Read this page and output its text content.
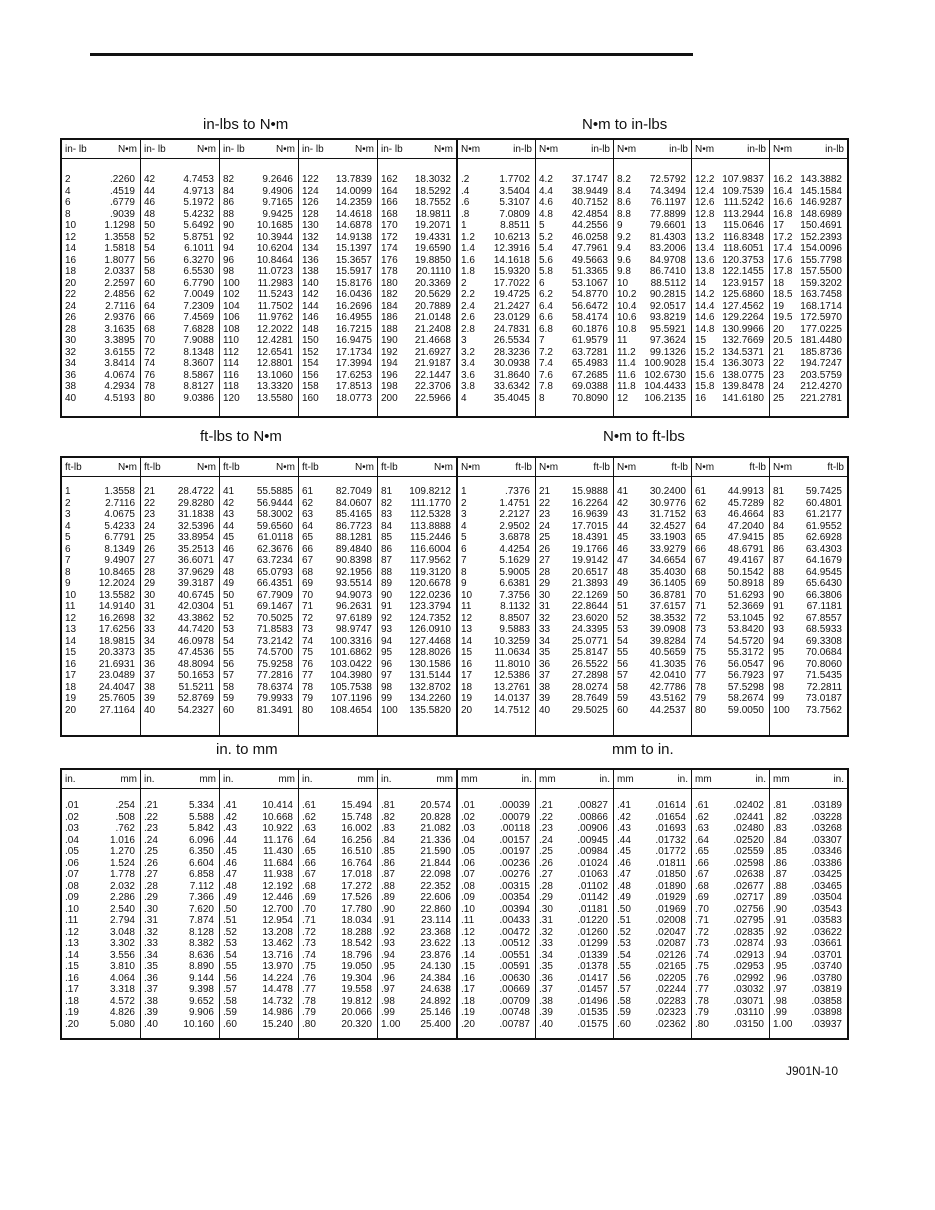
in-lbs to N•m	N•m to in-lbs
in- lb	N•m
2	.2260
4	.4519
6	.6779
8	.9039
10	1.1298
12	1.3558
14	1.5818
16	1.8077
18	2.0337
20	2.2597
22	2.4856
24	2.7116
26	2.9376
28	3.1635
30	3.3895
32	3.6155
34	3.8414
36	4.0674
38	4.2934
40	4.5193
in- lb	N•m
42	4.7453
44	4.9713
46	5.1972
48	5.4232
50	5.6492
52	5.8751
54	6.1011
56	6.3270
58	6.5530
60	6.7790
62	7.0049
64	7.2309
66	7.4569
68	7.6828
70	7.9088
72	8.1348
74	8.3607
76	8.5867
78	8.8127
80	9.0386
in- lb	N•m
82	9.2646
84	9.4906
86	9.7165
88	9.9425
90	10.1685
92	10.3944
94	10.6204
96	10.8464
98	11.0723
100	11.2983
102	11.5243
104	11.7502
106	11.9762
108	12.2022
110	12.4281
112	12.6541
114	12.8801
116	13.1060
118	13.3320
120	13.5580
in- lb	N•m
122	13.7839
124	14.0099
126	14.2359
128	14.4618
130	14.6878
132	14.9138
134	15.1397
136	15.3657
138	15.5917
140	15.8176
142	16.0436
144	16.2696
146	16.4955
148	16.7215
150	16.9475
152	17.1734
154	17.3994
156	17.6253
158	17.8513
160	18.0773
in- lb	N•m
162	18.3032
164	18.5292
166	18.7552
168	18.9811
170	19.2071
172	19.4331
174	19.6590
176	19.8850
178	20.1110
180	20.3369
182	20.5629
184	20.7889
186	21.0148
188	21.2408
190	21.4668
192	21.6927
194	21.9187
196	22.1447
198	22.3706
200	22.5966
N•m	in-lb
.2	1.7702
.4	3.5404
.6	5.3107
.8	7.0809
1	8.8511
1.2	10.6213
1.4	12.3916
1.6	14.1618
1.8	15.9320
2	17.7022
2.2	19.4725
2.4	21.2427
2.6	23.0129
2.8	24.7831
3	26.5534
3.2	28.3236
3.4	30.0938
3.6	31.8640
3.8	33.6342
4	35.4045
N•m	in-lb
4.2	37.1747
4.4	38.9449
4.6	40.7152
4.8	42.4854
5	44.2556
5.2	46.0258
5.4	47.7961
5.6	49.5663
5.8	51.3365
6	53.1067
6.2	54.8770
6.4	56.6472
6.6	58.4174
6.8	60.1876
7	61.9579
7.2	63.7281
7.4	65.4983
7.6	67.2685
7.8	69.0388
8	70.8090
N•m	in-lb
8.2	72.5792
8.4	74.3494
8.6	76.1197
8.8	77.8899
9	79.6601
9.2	81.4303
9.4	83.2006
9.6	84.9708
9.8	86.7410
10	88.5112
10.2	90.2815
10.4	92.0517
10.6	93.8219
10.8	95.5921
11	97.3624
11.2	99.1326
11.4 100.9028
11.6 102.6730
11.8 104.4433
12	106.2135
N•m	in-lb
12.2 107.9837
12.4 109.7539
12.6 111.5242
12.8 113.2944
13	115.0646
13.2 116.8348
13.4 118.6051
13.6 120.3753
13.8 122.1455
14	123.9157
14.2 125.6860
14.4 127.4562
14.6 129.2264
14.8 130.9966
15	132.7669
15.2 134.5371
15.4 136.3073
15.6 138.0775
15.8 139.8478
16	141.6180
N•m	in-lb
16.2 143.3882
16.4 145.1584
16.6 146.9287
16.8 148.6989
17	150.4691
17.2 152.2393
17.4 154.0096
17.6 155.7798
17.8 157.5500
18	159.3202
18.5 163.7458
19	168.1714
19.5 172.5970
20	177.0225
20.5 181.4480
21	185.8736
22	194.7247
23	203.5759
24	212.4270
25	221.2781
ft-lbs to N•m	N•m to ft-lbs
ft-lb	N•m
1	1.3558
2	2.7116
3	4.0675
4	5.4233
5	6.7791
6	8.1349
7	9.4907
8	10.8465
9	12.2024
10	13.5582
11	14.9140
12	16.2698
13	17.6256
14	18.9815
15	20.3373
16	21.6931
17	23.0489
18	24.4047
19	25.7605
20	27.1164
ft-lb	N•m
21	28.4722
22	29.8280
23	31.1838
24	32.5396
25	33.8954
26	35.2513
27	36.6071
28	37.9629
29	39.3187
30	40.6745
31	42.0304
32	43.3862
33	44.7420
34	46.0978
35	47.4536
36	48.8094
37	50.1653
38	51.5211
39	52.8769
40	54.2327
ft-lb	N•m
41	55.5885
42	56.9444
43	58.3002
44	59.6560
45	61.0118
46	62.3676
47	63.7234
48	65.0793
49	66.4351
50	67.7909
51	69.1467
52	70.5025
53	71.8583
54	73.2142
55	74.5700
56	75.9258
57	77.2816
58	78.6374
59	79.9933
60	81.3491
ft-lb	N•m
61	82.7049
62	84.0607
63	85.4165
64	86.7723
65	88.1281
66	89.4840
67	90.8398
68	92.1956
69	93.5514
70	94.9073
71	96.2631
72	97.6189
73	98.9747
74	100.3316
75	101.6862
76	103.0422
77	104.3980
78	105.7538
79	107.1196
80	108.4654
ft-lb	N•m
81	109.8212
82	111.1770
83	112.5328
84	113.8888
85	115.2446
86	116.6004
87	117.9562
88	119.3120
89	120.6678
90	122.0236
91	123.3794
92	124.7352
93	126.0910
94	127.4468
95	128.8026
96	130.1586
97	131.5144
98	132.8702
99	134.2260
100	135.5820
N•m	ft-lb
1	.7376
2	1.4751
3	2.2127
4	2.9502
5	3.6878
6	4.4254
7	5.1629
8	5.9005
9	6.6381
10	7.3756
11	8.1132
12	8.8507
13	9.5883
14	10.3259
15	11.0634
16	11.8010
17	12.5386
18	13.2761
19	14.0137
20	14.7512
N•m	ft-lb
21	15.9888
22	16.2264
23	16.9639
24	17.7015
25	18.4391
26	19.1766
27	19.9142
28	20.6517
29	21.3893
30	22.1269
31	22.8644
32	23.6020
33	24.3395
34	25.0771
35	25.8147
36	26.5522
37	27.2898
38	28.0274
39	28.7649
40	29.5025
N•m	ft-lb
41	30.2400
42	30.9776
43	31.7152
44	32.4527
45	33.1903
46	33.9279
47	34.6654
48	35.4030
49	36.1405
50	36.8781
51	37.6157
52	38.3532
53	39.0908
54	39.8284
55	40.5659
56	41.3035
57	42.0410
58	42.7786
59	43.5162
60	44.2537
N•m	ft-lb
61	44.9913
62	45.7289
63	46.4664
64	47.2040
65	47.9415
66	48.6791
67	49.4167
68	50.1542
69	50.8918
70	51.6293
71	52.3669
72	53.1045
73	53.8420
74	54.5720
75	55.3172
76	56.0547
77	56.7923
78	57.5298
79	58.2674
80	59.0050
N•m	ft-lb
81	59.7425
82	60.4801
83	61.2177
84	61.9552
85	62.6928
86	63.4303
87	64.1679
88	64.9545
89	65.6430
90	66.3806
91	67.1181
92	67.8557
93	68.5933
94	69.3308
95	70.0684
96	70.8060
97	71.5435
98	72.2811
99	73.0187
100	73.7562
in. to mm	mm to in.
in.	mm
.01	.254
.02	.508
.03	.762
.04	1.016
.05	1.270
.06	1.524
.07	1.778
.08	2.032
.09	2.286
.10	2.540
.11	2.794
.12	3.048
.13	3.302
.14	3.556
.15	3.810
.16	4.064
.17	3.318
.18	4.572
.19	4.826
.20	5.080
in.	mm
.21	5.334
.22	5.588
.23	5.842
.24	6.096
.25	6.350
.26	6.604
.27	6.858
.28	7.112
.29	7.366
.30	7.620
.31	7.874
.32	8.128
.33	8.382
.34	8.636
.35	8.890
.36	9.144
.37	9.398
.38	9.652
.39	9.906
.40	10.160
in.	mm
.41	10.414
.42	10.668
.43	10.922
.44	11.176
.45	11.430
.46	11.684
.47	11.938
.48	12.192
.49	12.446
.50	12.700
.51	12.954
.52	13.208
.53	13.462
.54	13.716
.55	13.970
.56	14.224
.57	14.478
.58	14.732
.59	14.986
.60	15.240
in.	mm
.61	15.494
.62	15.748
.63	16.002
.64	16.256
.65	16.510
.66	16.764
.67	17.018
.68	17.272
.69	17.526
.70	17.780
.71	18.034
.72	18.288
.73	18.542
.74	18.796
.75	19.050
.76	19.304
.77	19.558
.78	19.812
.79	20.066
.80	20.320
in.	mm
.81	20.574
.82	20.828
.83	21.082
.84	21.336
.85	21.590
.86	21.844
.87	22.098
.88	22.352
.89	22.606
.90	22.860
.91	23.114
.92	23.368
.93	23.622
.94	23.876
.95	24.130
.96	24.384
.97	24.638
.98	24.892
.99	25.146
1.00	25.400
mm	in.
.01	.00039
.02	.00079
.03	.00118
.04	.00157
.05	.00197
.06	.00236
.07	.00276
.08	.00315
.09	.00354
.10	.00394
.11	.00433
.12	.00472
.13	.00512
.14	.00551
.15	.00591
.16	.00630
.17	.00669
.18	.00709
.19	.00748
.20	.00787
mm	in.
.21	.00827
.22	.00866
.23	.00906
.24	.00945
.25	.00984
.26	.01024
.27	.01063
.28	.01102
.29	.01142
.30	.01181
.31	.01220
.32	.01260
.33	.01299
.34	.01339
.35	.01378
.36	.01417
.37	.01457
.38	.01496
.39	.01535
.40	.01575
mm	in.
.41	.01614
.42	.01654
.43	.01693
.44	.01732
.45	.01772
.46	.01811
.47	.01850
.48	.01890
.49	.01929
.50	.01969
.51	.02008
.52	.02047
.53	.02087
.54	.02126
.55	.02165
.56	.02205
.57	.02244
.58	.02283
.59	.02323
.60	.02362
mm	in.
.61	.02402
.62	.02441
.63	.02480
.64	.02520
.65	.02559
.66	.02598
.67	.02638
.68	.02677
.69	.02717
.70	.02756
.71	.02795
.72	.02835
.73	.02874
.74	.02913
.75	.02953
.76	.02992
.77	.03032
.78	.03071
.79	.03110
.80	.03150
mm	in.
.81	.03189
.82	.03228
.83	.03268
.84	.03307
.85	.03346
.86	.03386
.87	.03425
.88	.03465
.89	.03504
.90	.03543
.91	.03583
.92	.03622
.93	.03661
.94	.03701
.95	.03740
.96	.03780
.97	.03819
.98	.03858
.99	.03898
1.00	.03937
J901N-10
